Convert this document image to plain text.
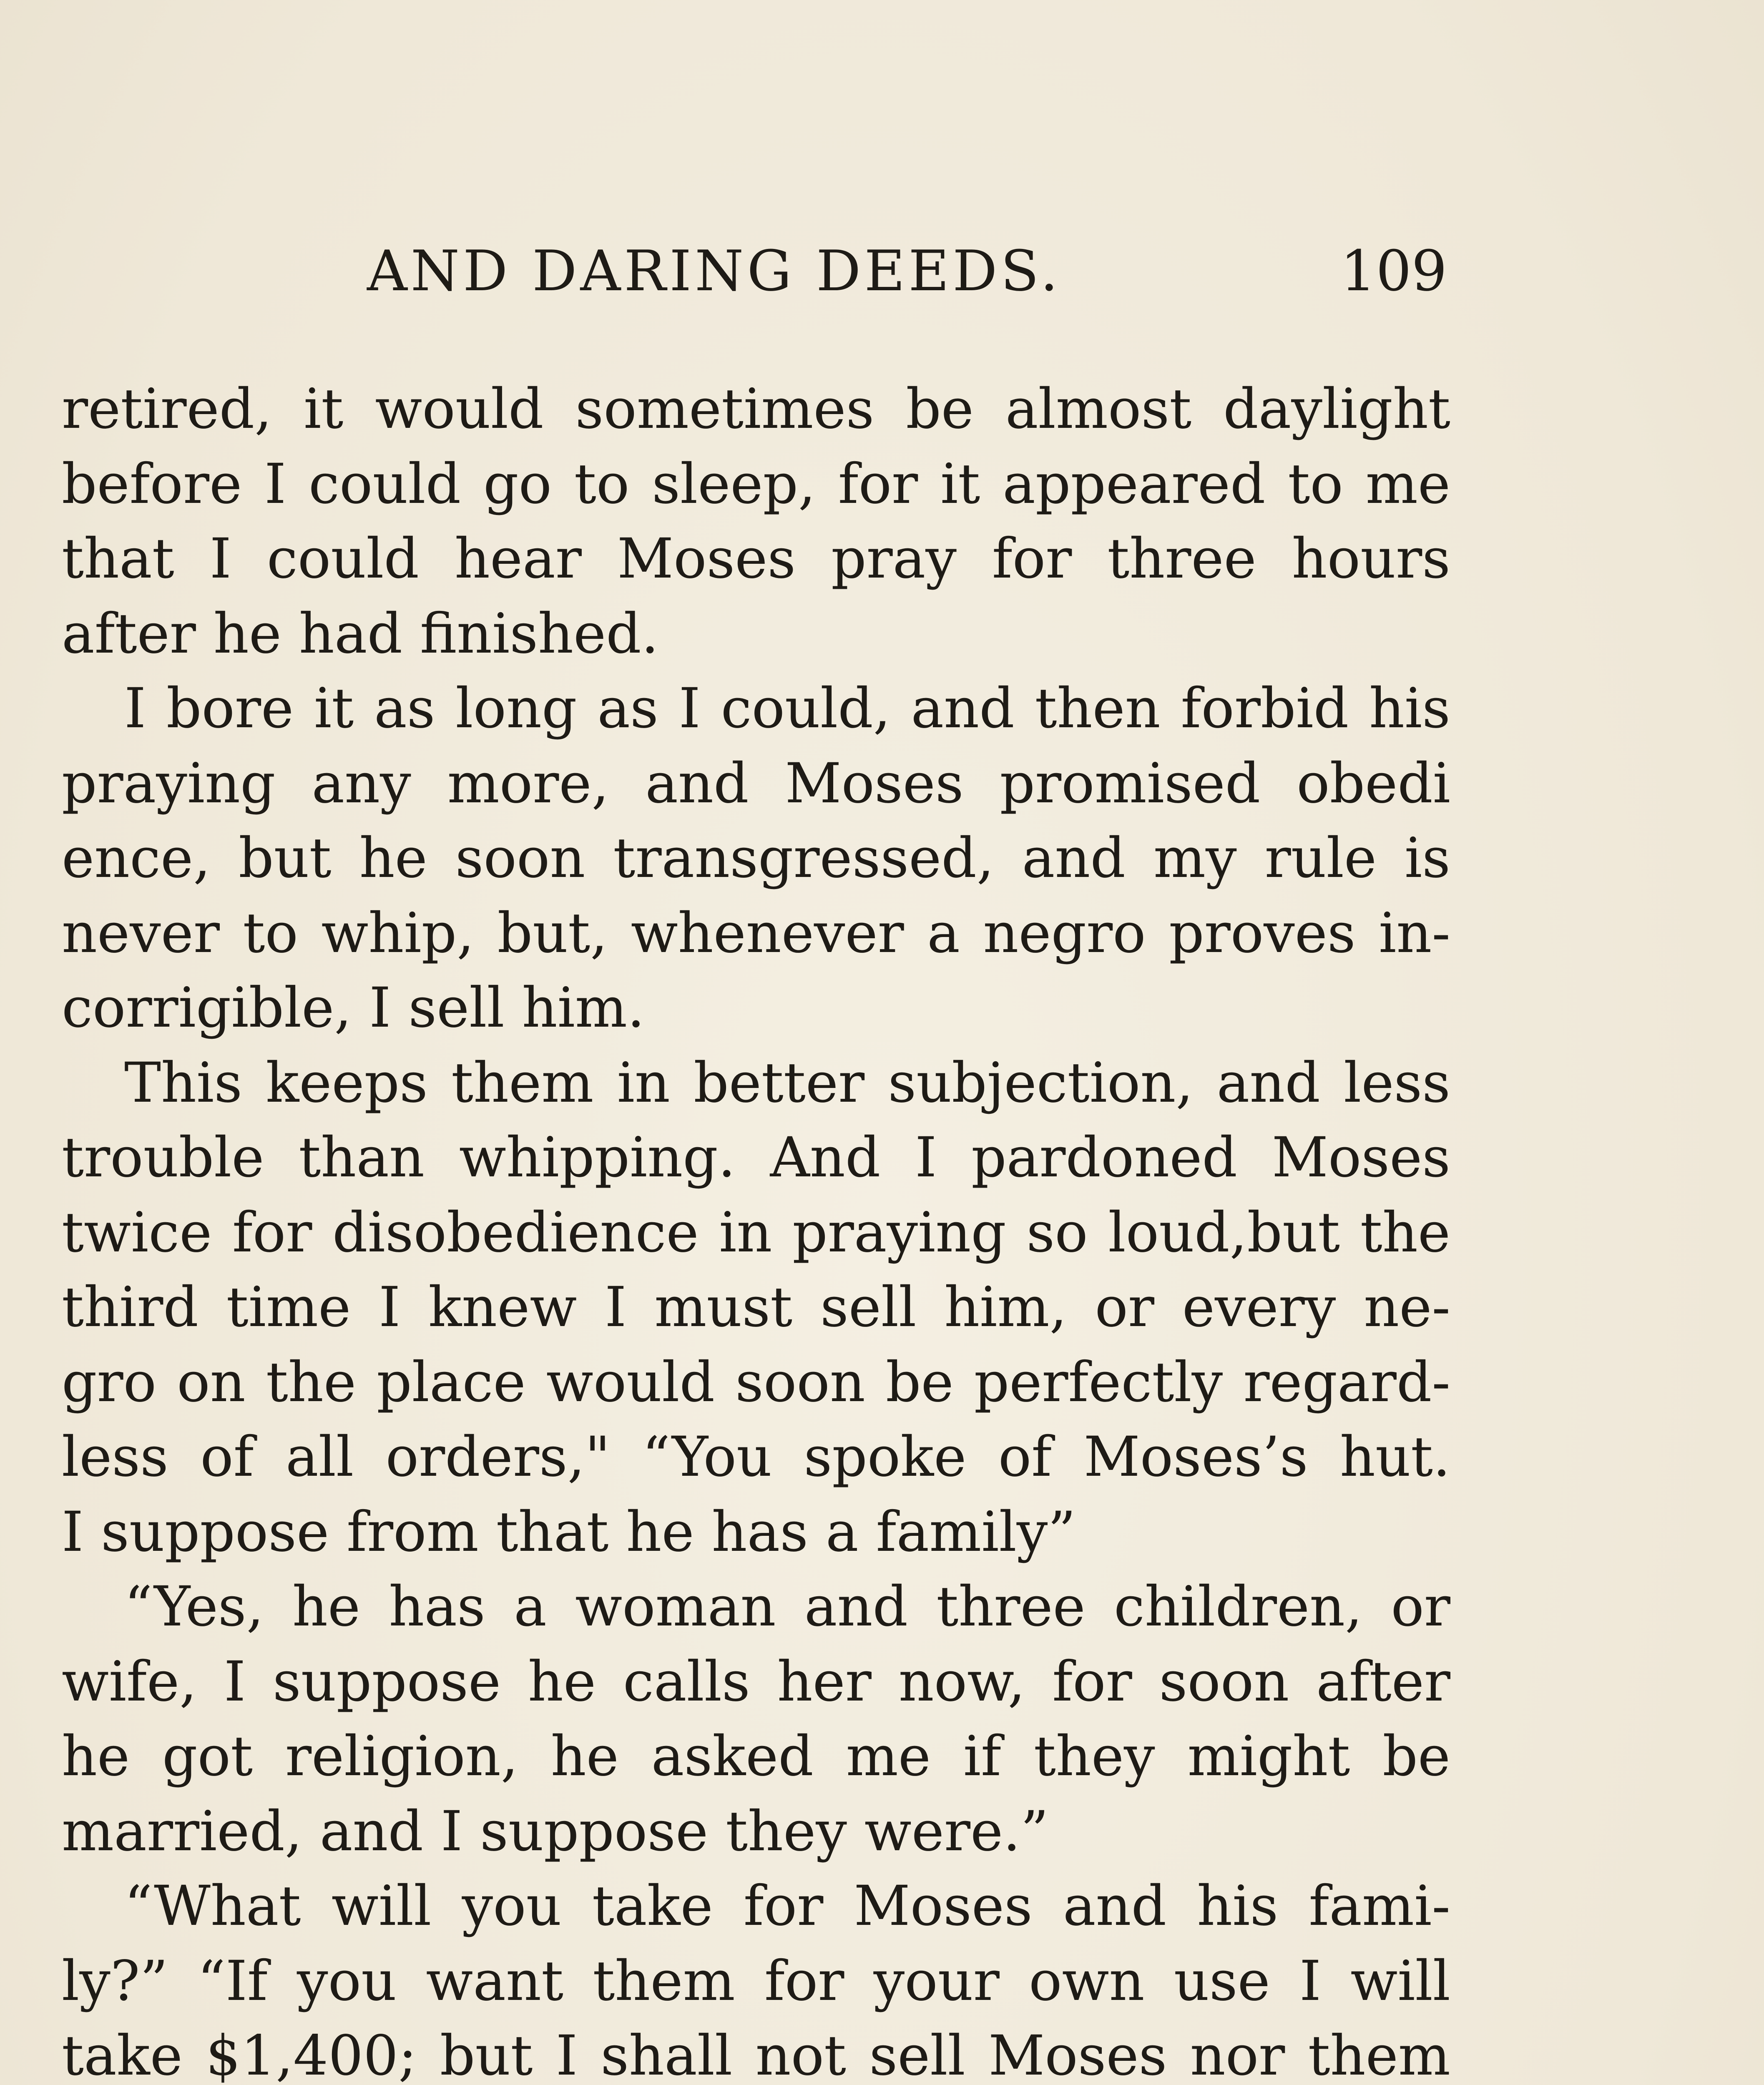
AND DARING DEEDS.	109
retired, it would sometimes be almost daylight
before I could go to sleep, for it appeared to me
that I could hear Moses pray for three hours
after he had finished.
I bore it as long as I could, and then forbid his
praying any more, and Moses promised obedi
ence, but he soon transgressed, and my rule is
never to whip, but, whenever a negro proves in-
corrigible, I sell him.
This keeps them in better subjection, and less
trouble than whipping. And I pardoned Moses
twice for disobedience in praying so loud,but the
third time I knew I must sell him, or every ne-
gro on the place would soon be perfectly regard-
less of all orders," “You spoke of Moses’s hut.
I suppose from that he has a family”
“Yes, he has a woman and three children, or
wife, I suppose he calls her now, for soon after
he got religion, he asked me if they might be
married, and I suppose they were.”
“What will you take for Moses and his fami-
ly?” “If you want them for your own use I will
take $1,400; but I shall not sell Moses nor them
